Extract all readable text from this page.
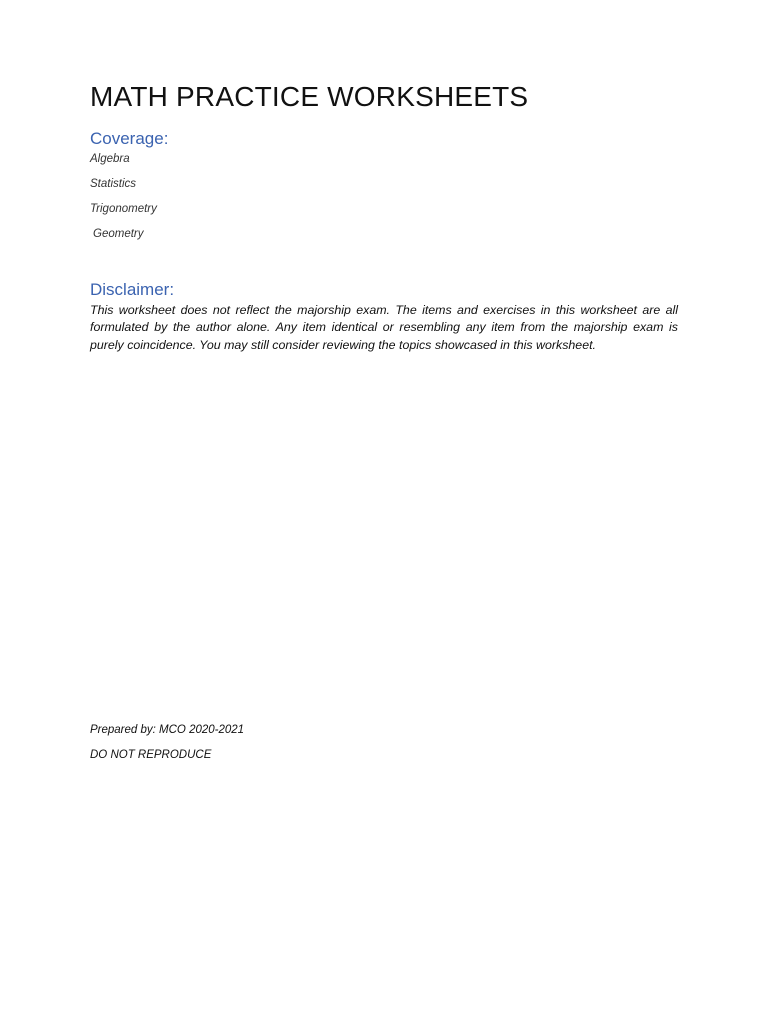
MATH PRACTICE WORKSHEETS
Coverage:
Algebra
Statistics
Trigonometry
Geometry
Disclaimer:

This worksheet does not reflect the majorship exam. The items and exercises in this worksheet are all formulated by the author alone. Any item identical or resembling any item from the majorship exam is purely coincidence. You may still consider reviewing the topics showcased in this worksheet.

Prepared by: MCO 2020-2021
DO NOT REPRODUCE
